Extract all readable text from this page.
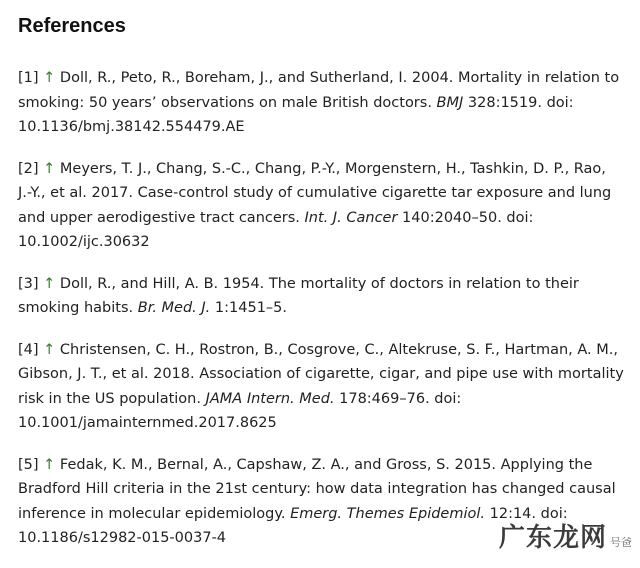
References
[1] ↑ Doll, R., Peto, R., Boreham, J., and Sutherland, I. 2004. Mortality in relation to smoking: 50 years’ observations on male British doctors. BMJ 328:1519. doi: 10.1136/bmj.38142.554479.AE
[2] ↑ Meyers, T. J., Chang, S.-C., Chang, P.-Y., Morgenstern, H., Tashkin, D. P., Rao, J.-Y., et al. 2017. Case-control study of cumulative cigarette tar exposure and lung and upper aerodigestive tract cancers. Int. J. Cancer 140:2040–50. doi: 10.1002/ijc.30632
[3] ↑ Doll, R., and Hill, A. B. 1954. The mortality of doctors in relation to their smoking habits. Br. Med. J. 1:1451–5.
[4] ↑ Christensen, C. H., Rostron, B., Cosgrove, C., Altekruse, S. F., Hartman, A. M., Gibson, J. T., et al. 2018. Association of cigarette, cigar, and pipe use with mortality risk in the US population. JAMA Intern. Med. 178:469–76. doi: 10.1001/jamainternmed.2017.8625
[5] ↑ Fedak, K. M., Bernal, A., Capshaw, Z. A., and Gross, S. 2015. Applying the Bradford Hill criteria in the 21st century: how data integration has changed causal inference in molecular epidemiology. Emerg. Themes Epidemiol. 12:14. doi: 10.1186/s12982-015-0037-4	广东龙网 号爸
